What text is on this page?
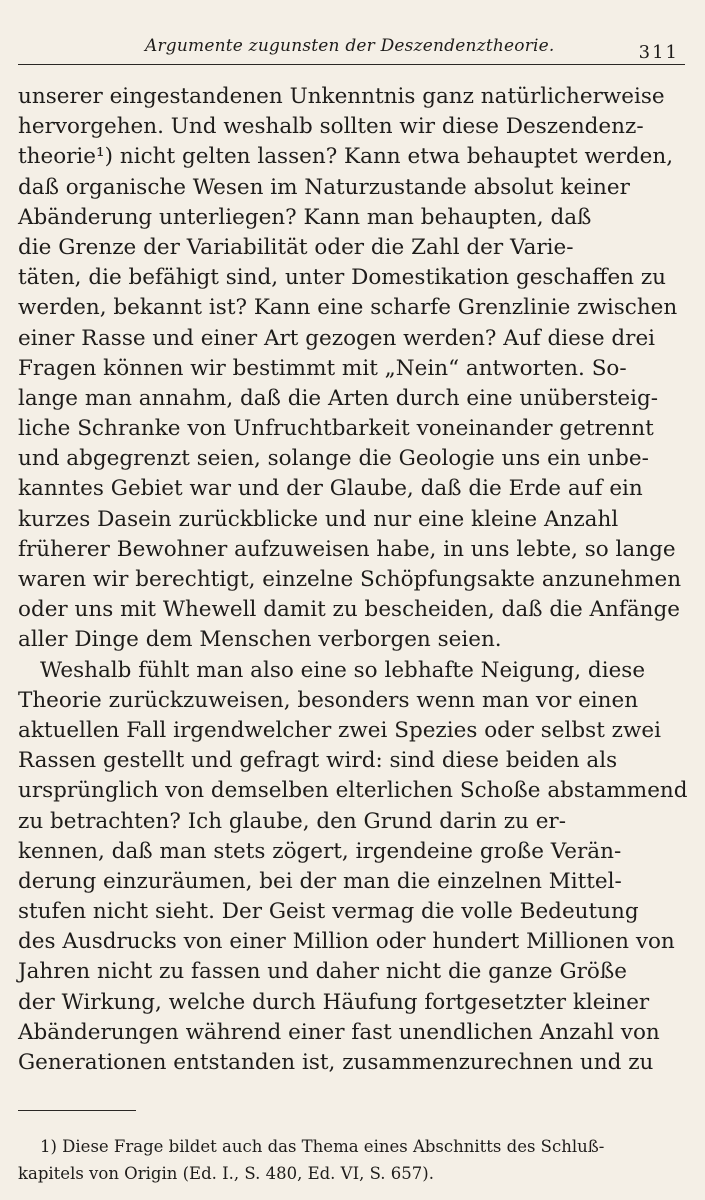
Argumente zugunsten der Deszendenztheorie.	311
unserer eingestandenen Unkenntnis ganz natürlicherweise
hervorgehen. Und weshalb sollten wir diese Deszendenz-
theorie¹) nicht gelten lassen? Kann etwa behauptet werden,
daß organische Wesen im Naturzustande absolut keiner
Abänderung unterliegen? Kann man behaupten, daß
die Grenze der Variabilität oder die Zahl der Varie-
täten, die befähigt sind, unter Domestikation geschaffen zu
werden, bekannt ist? Kann eine scharfe Grenzlinie zwischen
einer Rasse und einer Art gezogen werden? Auf diese drei
Fragen können wir bestimmt mit „Nein“ antworten. So-
lange man annahm, daß die Arten durch eine unübersteig-
liche Schranke von Unfruchtbarkeit voneinander getrennt
und abgegrenzt seien, solange die Geologie uns ein unbe-
kanntes Gebiet war und der Glaube, daß die Erde auf ein
kurzes Dasein zurückblicke und nur eine kleine Anzahl
früherer Bewohner aufzuweisen habe, in uns lebte, so lange
waren wir berechtigt, einzelne Schöpfungsakte anzunehmen
oder uns mit Whewell damit zu bescheiden, daß die Anfänge
aller Dinge dem Menschen verborgen seien.
Weshalb fühlt man also eine so lebhafte Neigung, diese
Theorie zurückzuweisen, besonders wenn man vor einen
aktuellen Fall irgendwelcher zwei Spezies oder selbst zwei
Rassen gestellt und gefragt wird: sind diese beiden als
ursprünglich von demselben elterlichen Schoße abstammend
zu betrachten? Ich glaube, den Grund darin zu er-
kennen, daß man stets zögert, irgendeine große Verän-
derung einzuräumen, bei der man die einzelnen Mittel-
stufen nicht sieht. Der Geist vermag die volle Bedeutung
des Ausdrucks von einer Million oder hundert Millionen von
Jahren nicht zu fassen und daher nicht die ganze Größe
der Wirkung, welche durch Häufung fortgesetzter kleiner
Abänderungen während einer fast unendlichen Anzahl von
Generationen entstanden ist, zusammenzurechnen und zu
1) Diese Frage bildet auch das Thema eines Abschnitts des Schluß-
kapitels von Origin (Ed. I., S. 480, Ed. VI, S. 657).
